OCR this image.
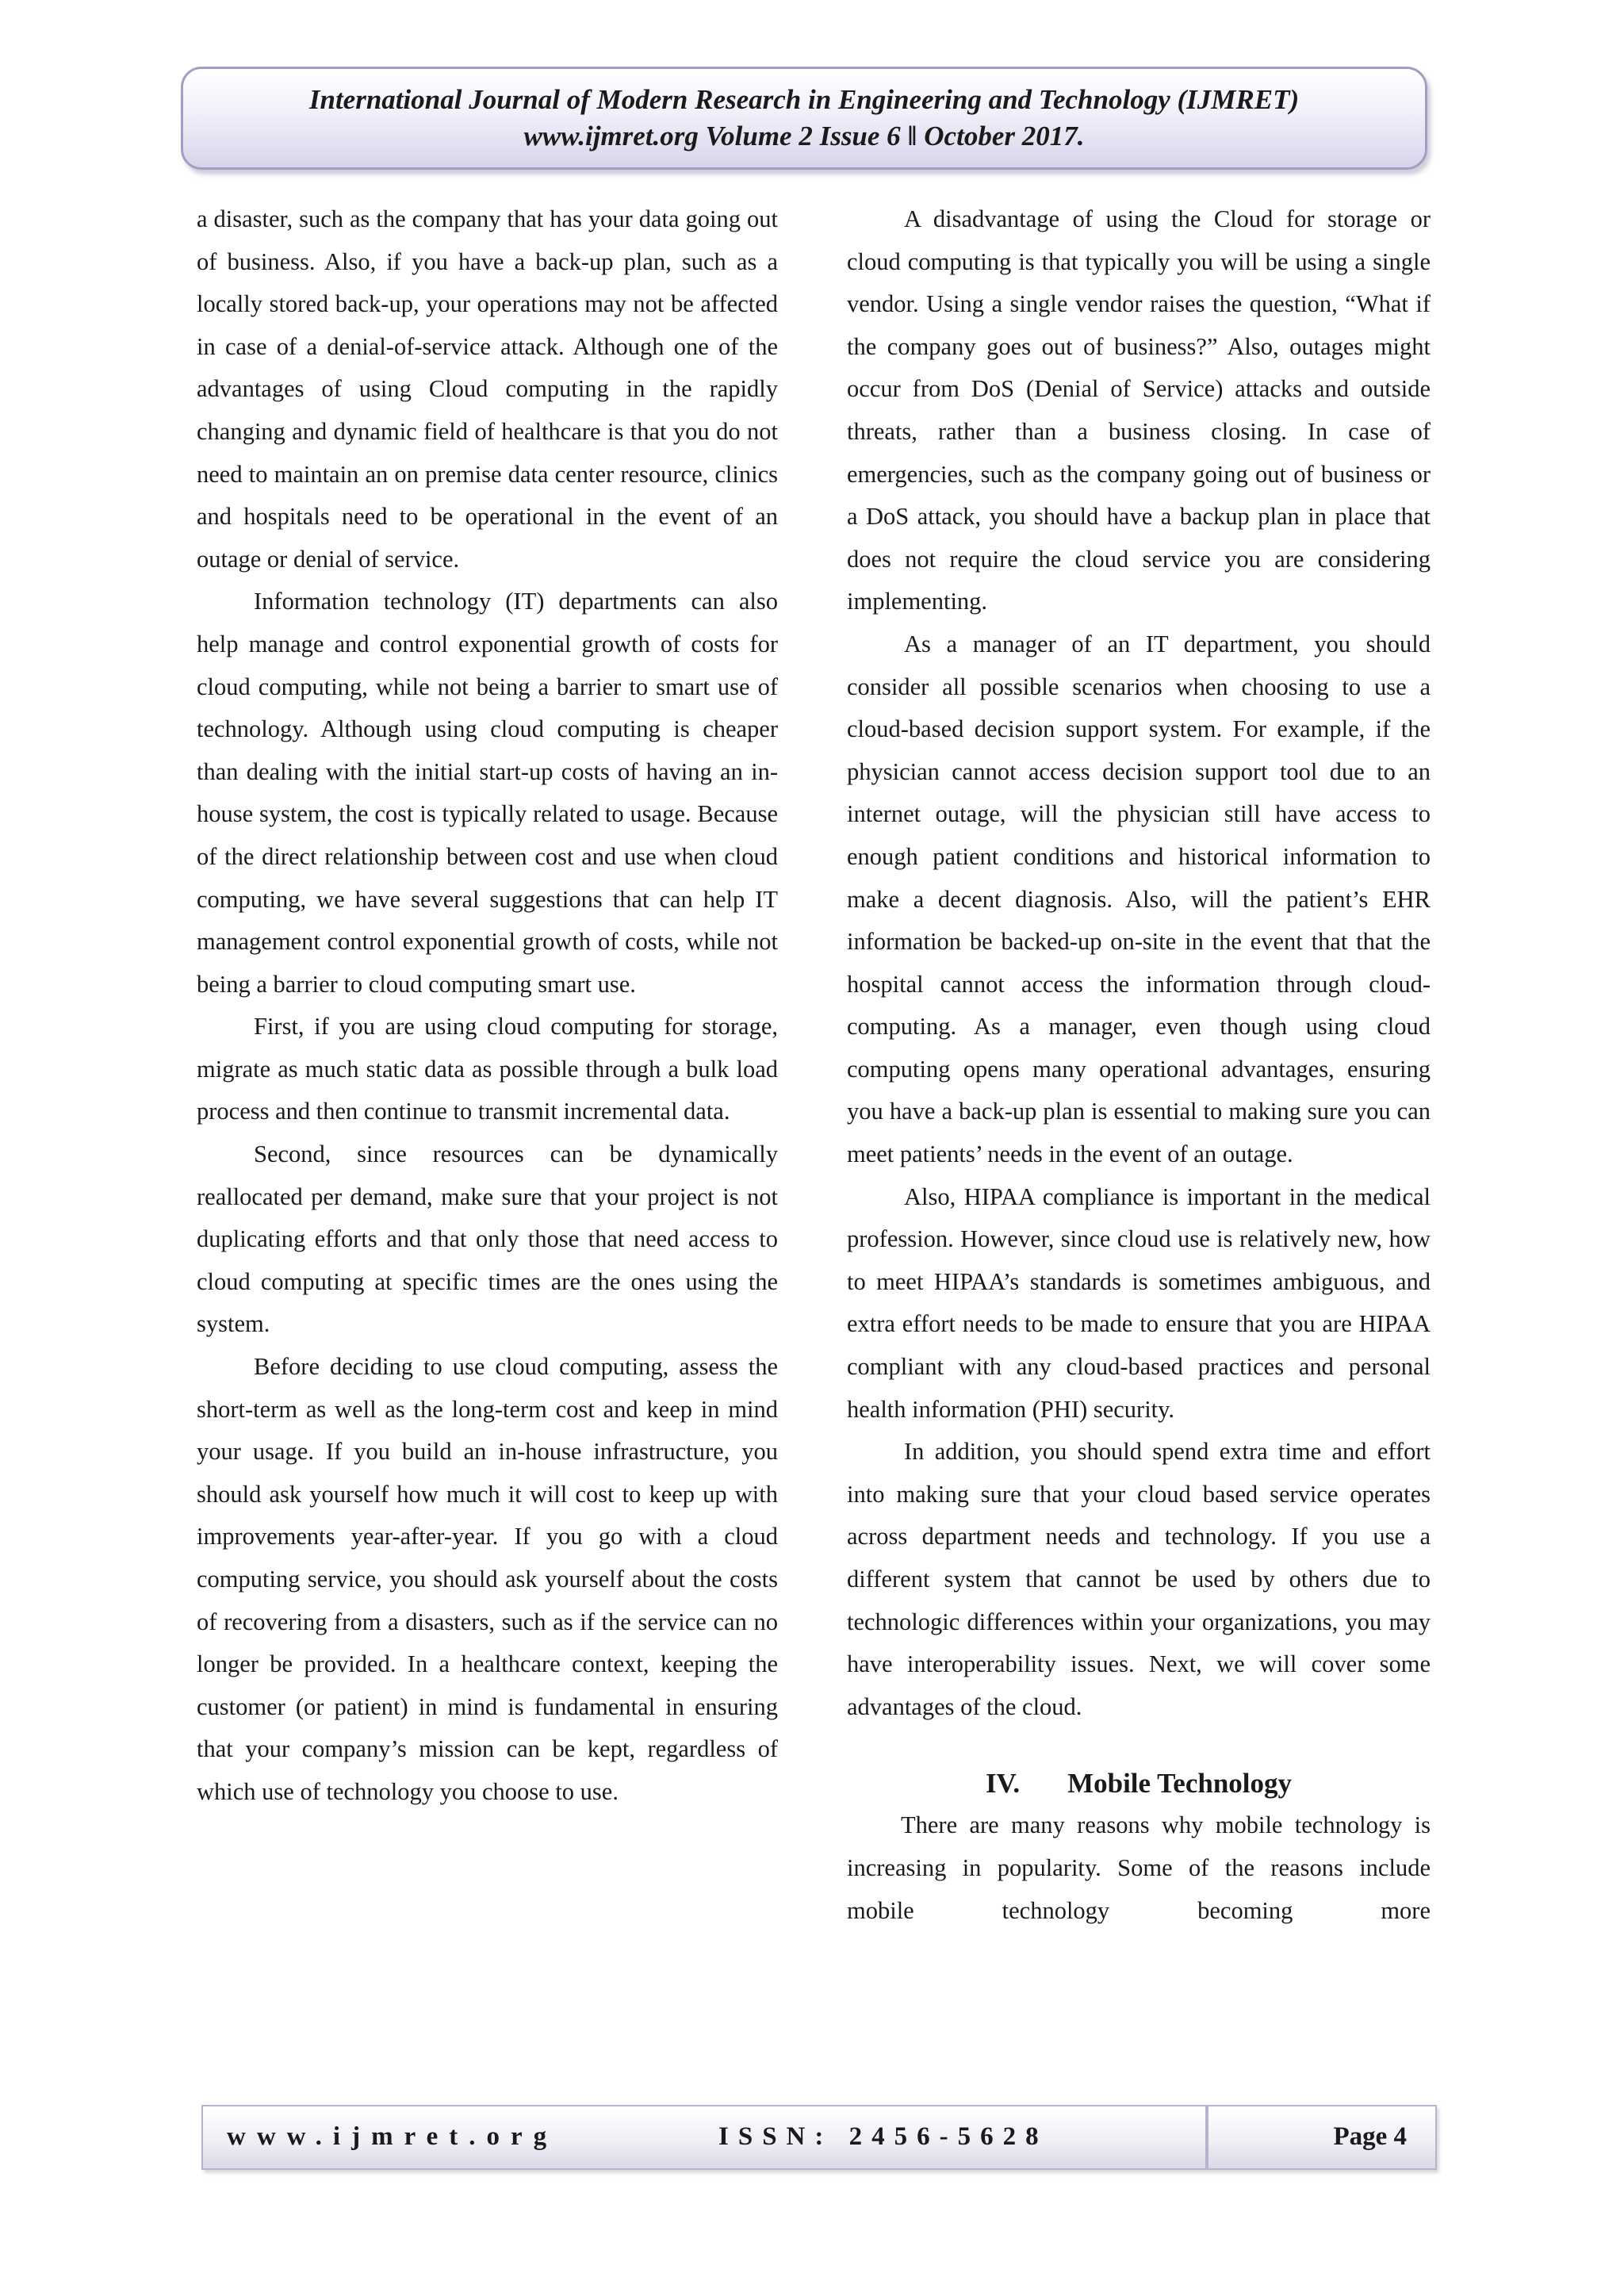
International Journal of Modern Research in Engineering and Technology (IJMRET)
www.ijmret.org Volume 2 Issue 6 ǁ October 2017.

a disaster, such as the company that has your data going out of business. Also, if you have a back-up plan, such as a locally stored back-up, your operations may not be affected in case of a denial-of-service attack. Although one of the advantages of using Cloud computing in the rapidly changing and dynamic field of healthcare is that you do not need to maintain an on premise data center resource, clinics and hospitals need to be operational in the event of an outage or denial of service.

Information technology (IT) departments can also help manage and control exponential growth of costs for cloud computing, while not being a barrier to smart use of technology. Although using cloud computing is cheaper than dealing with the initial start-up costs of having an in-house system, the cost is typically related to usage. Because of the direct relationship between cost and use when cloud computing, we have several suggestions that can help IT management control exponential growth of costs, while not being a barrier to cloud computing smart use.

First, if you are using cloud computing for storage, migrate as much static data as possible through a bulk load process and then continue to transmit incremental data.

Second, since resources can be dynamically reallocated per demand, make sure that your project is not duplicating efforts and that only those that need access to cloud computing at specific times are the ones using the system.

Before deciding to use cloud computing, assess the short-term as well as the long-term cost and keep in mind your usage. If you build an in-house infrastructure, you should ask yourself how much it will cost to keep up with improvements year-after-year. If you go with a cloud computing service, you should ask yourself about the costs of recovering from a disasters, such as if the service can no longer be provided. In a healthcare context, keeping the customer (or patient) in mind is fundamental in ensuring that your company’s mission can be kept, regardless of which use of technology you choose to use.

A disadvantage of using the Cloud for storage or cloud computing is that typically you will be using a single vendor. Using a single vendor raises the question, “What if the company goes out of business?” Also, outages might occur from DoS (Denial of Service) attacks and outside threats, rather than a business closing. In case of emergencies, such as the company going out of business or a DoS attack, you should have a backup plan in place that does not require the cloud service you are considering implementing.

As a manager of an IT department, you should consider all possible scenarios when choosing to use a cloud-based decision support system. For example, if the physician cannot access decision support tool due to an internet outage, will the physician still have access to enough patient conditions and historical information to make a decent diagnosis. Also, will the patient’s EHR information be backed-up on-site in the event that that the hospital cannot access the information through cloud-computing. As a manager, even though using cloud computing opens many operational advantages, ensuring you have a back-up plan is essential to making sure you can meet patients’ needs in the event of an outage.

Also, HIPAA compliance is important in the medical profession. However, since cloud use is relatively new, how to meet HIPAA’s standards is sometimes ambiguous, and extra effort needs to be made to ensure that you are HIPAA compliant with any cloud-based practices and personal health information (PHI) security.

In addition, you should spend extra time and effort into making sure that your cloud based service operates across department needs and technology. If you use a different system that cannot be used by others due to technologic differences within your organizations, you may have interoperability issues. Next, we will cover some advantages of the cloud.

IV. Mobile Technology

There are many reasons why mobile technology is increasing in popularity. Some of the reasons include mobile technology becoming more

www.ijmret.org	ISSN: 2456-5628	Page 4
